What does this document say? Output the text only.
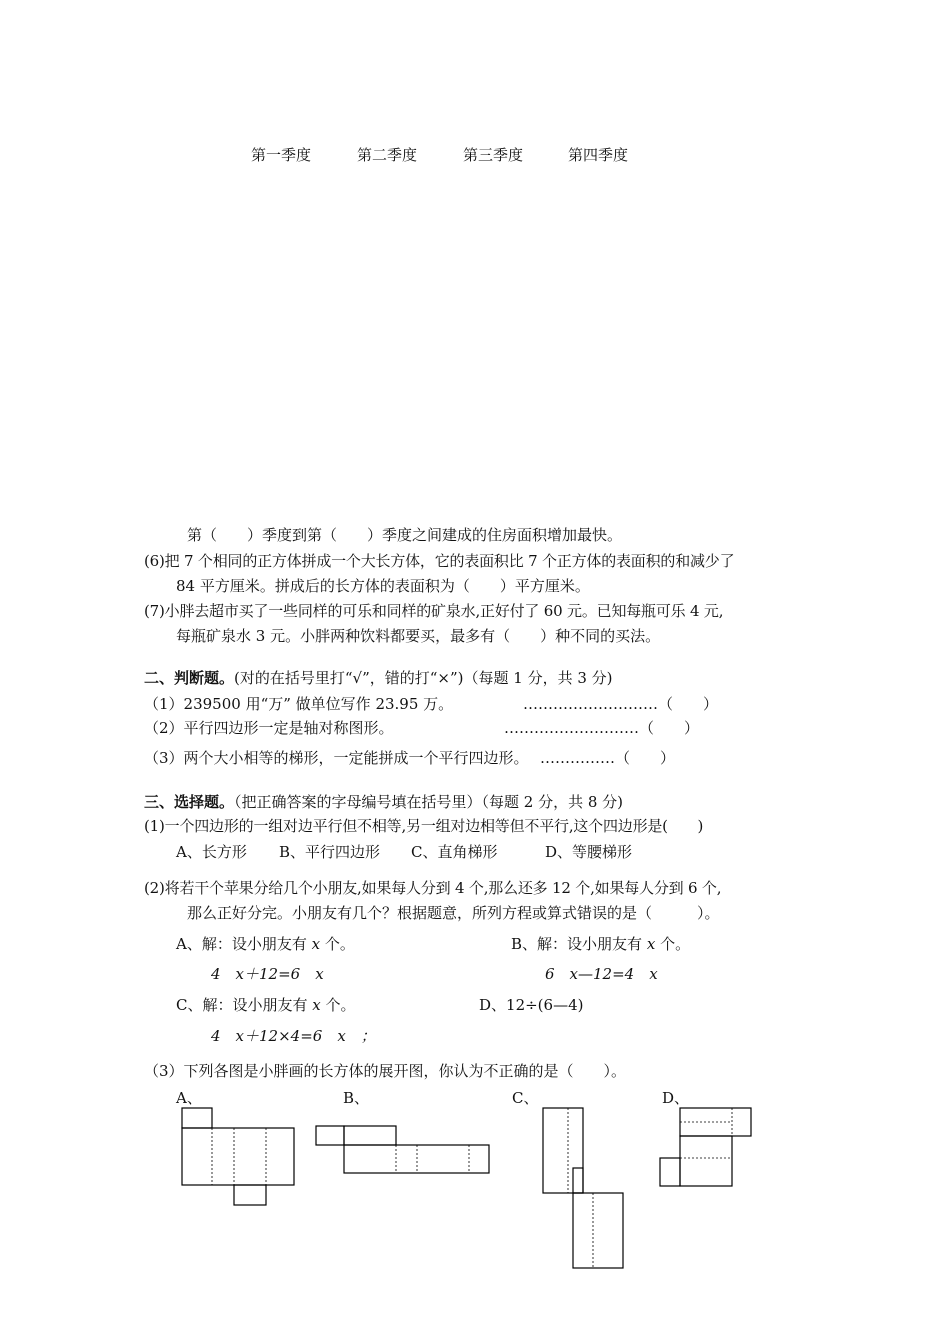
第一季度	第二季度	第三季度	第四季度
第（　　）季度到第（　　）季度之间建成的住房面积增加最快。
(6)把 7 个相同的正方体拼成一个大长方体，它的表面积比 7 个正方体的表面积的和减少了
84 平方厘米。拼成后的长方体的表面积为（　　）平方厘米。
(7)小胖去超市买了一些同样的可乐和同样的矿泉水,正好付了 60 元。已知每瓶可乐 4 元,
每瓶矿泉水 3 元。小胖两种饮料都要买，最多有（　　）种不同的买法。
二、判断题。(对的在括号里打“√”，错的打“×”)（每题 1 分，共 3 分)
（1）239500 用“万” 做单位写作 23.95 万。	………………………（　　）
（2）平行四边形一定是轴对称图形。	………………………（　　）
（3）两个大小相等的梯形，一定能拼成一个平行四边形。 ……………（　　）
三、选择题。（把正确答案的字母编号填在括号里）（每题 2 分，共 8 分)
(1)一个四边形的一组对边平行但不相等,另一组对边相等但不平行,这个四边形是(　　)
A、长方形 B、平行四边形 C、直角梯形	D、等腰梯形
(2)将若干个苹果分给几个小朋友,如果每人分到 4 个,那么还多 12 个,如果每人分到 6 个,
那么正好分完。小朋友有几个？根据题意，所列方程或算式错误的是（　　　）。
A、解：设小朋友有 x 个。
4　x＋12=6　x
B、解：设小朋友有 x 个。
6　x—12=4　x
C、解：设小朋友有 x 个。	D、12÷(6—4)
4　x＋12×4=6　x　；
（3）下列各图是小胖画的长方体的展开图，你认为不正确的是（　　）。
A、	B、	C、	D、
